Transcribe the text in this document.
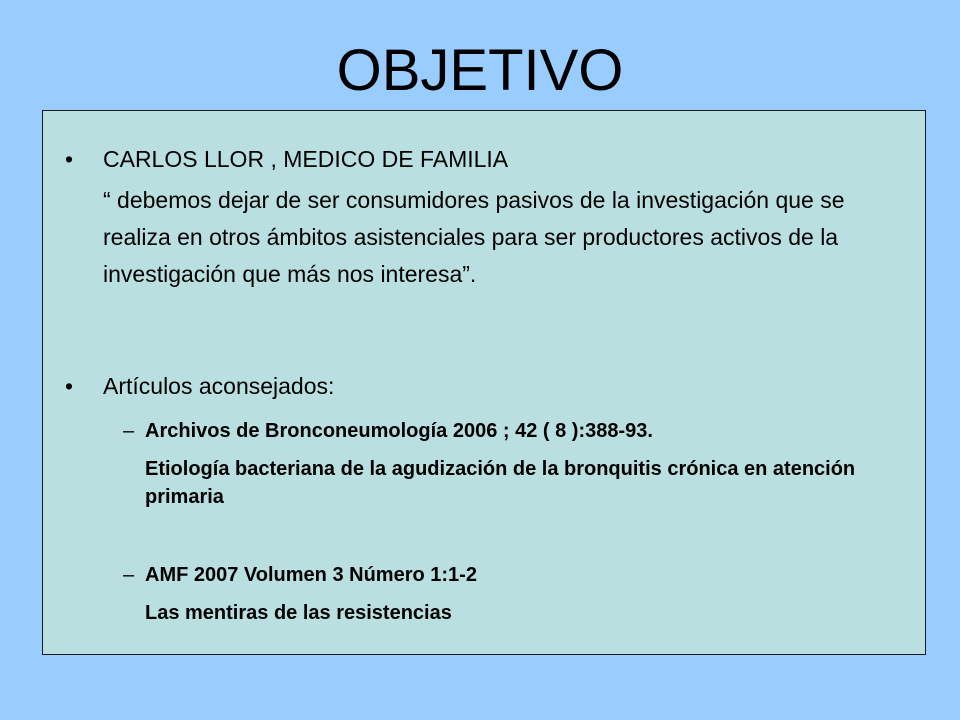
OBJETIVO
• CARLOS LLOR , MEDICO DE FAMILIA
“ debemos dejar de ser consumidores pasivos de la investigación que se realiza en otros ámbitos asistenciales para ser productores activos de la investigación que más nos interesa”.
• Artículos aconsejados:
– Archivos de Bronconeumología 2006 ; 42 ( 8 ):388-93.
Etiología bacteriana de la agudización de la bronquitis crónica en atención primaria
– AMF 2007 Volumen 3 Número 1:1-2
Las mentiras de las resistencias
